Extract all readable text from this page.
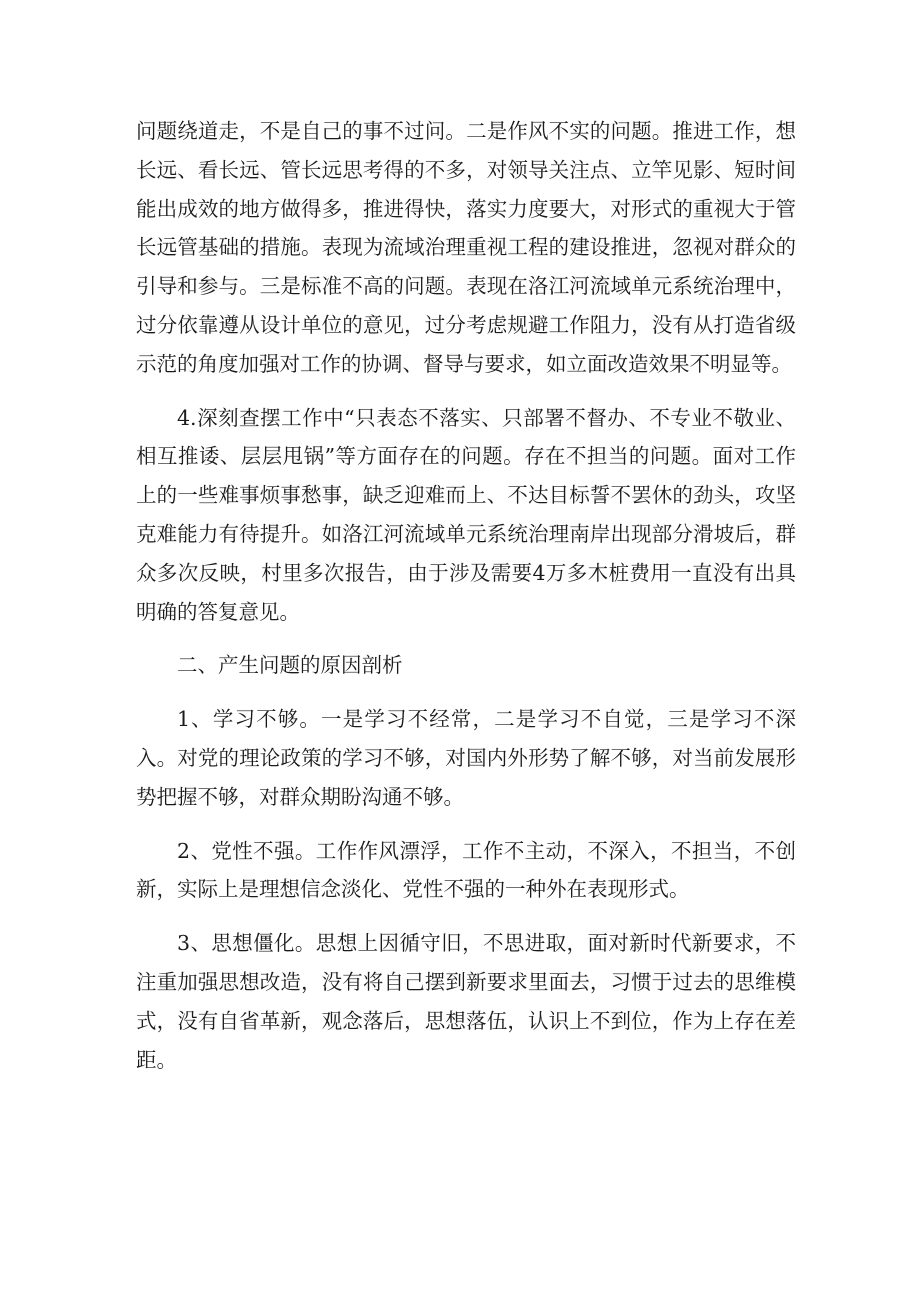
问题绕道走，不是自己的事不过问。二是作风不实的问题。推进工作，想长远、看长远、管长远思考得的不多，对领导关注点、立竿见影、短时间能出成效的地方做得多，推进得快，落实力度要大，对形式的重视大于管长远管基础的措施。表现为流域治理重视工程的建设推进，忽视对群众的引导和参与。三是标准不高的问题。表现在洛江河流域单元系统治理中，过分依靠遵从设计单位的意见，过分考虑规避工作阻力，没有从打造省级示范的角度加强对工作的协调、督导与要求，如立面改造效果不明显等。

4.深刻查摆工作中“只表态不落实、只部署不督办、不专业不敬业、相互推诿、层层甩锅”等方面存在的问题。存在不担当的问题。面对工作上的一些难事烦事愁事，缺乏迎难而上、不达目标誓不罢休的劲头，攻坚克难能力有待提升。如洛江河流域单元系统治理南岸出现部分滑坡后，群众多次反映，村里多次报告，由于涉及需要4万多木桩费用一直没有出具明确的答复意见。

二、产生问题的原因剖析

1、学习不够。一是学习不经常，二是学习不自觉，三是学习不深入。对党的理论政策的学习不够，对国内外形势了解不够，对当前发展形势把握不够，对群众期盼沟通不够。

2、党性不强。工作作风漂浮，工作不主动，不深入，不担当，不创新，实际上是理想信念淡化、党性不强的一种外在表现形式。

3、思想僵化。思想上因循守旧，不思进取，面对新时代新要求，不注重加强思想改造，没有将自己摆到新要求里面去，习惯于过去的思维模式，没有自省革新，观念落后，思想落伍，认识上不到位，作为上存在差距。
